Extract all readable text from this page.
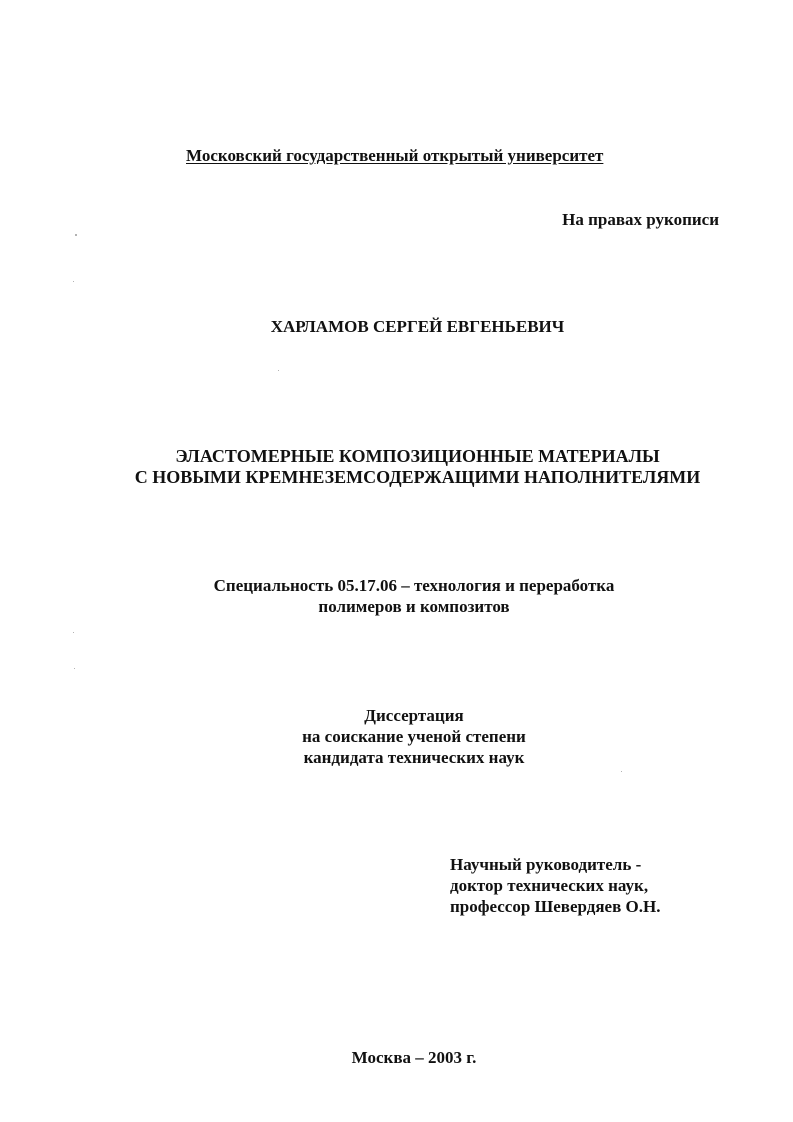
Московский государственный открытый университет
На правах рукописи
ХАРЛАМОВ СЕРГЕЙ ЕВГЕНЬЕВИЧ
ЭЛАСТОМЕРНЫЕ КОМПОЗИЦИОННЫЕ МАТЕРИАЛЫ
С НОВЫМИ КРЕМНЕЗЕМСОДЕРЖАЩИМИ НАПОЛНИТЕЛЯМИ
Специальность 05.17.06 – технология и переработка
полимеров и композитов
Диссертация
на соискание ученой степени
кандидата технических наук
Научный руководитель -
доктор технических наук,
профессор Шевердяев О.Н.
Москва – 2003 г.
